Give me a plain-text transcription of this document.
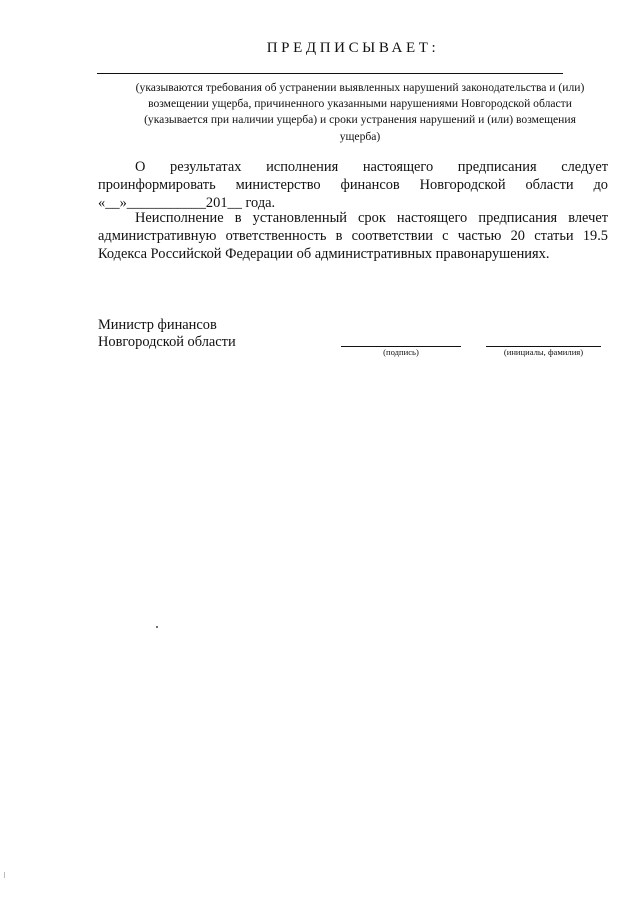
ПРЕДПИСЫВАЕТ:
(указываются требования об устранении выявленных нарушений законодательства и (или)
возмещении ущерба, причиненного указанными нарушениями Новгородской области
(указывается при наличии ущерба) и сроки устранения нарушений и (или) возмещения
ущерба)
О результатах исполнения настоящего предписания следует
проинформировать министерство финансов Новгородской области до
«__»___________201__ года.
Неисполнение в установленный срок настоящего предписания влечет
административную ответственность в соответствии с частью 20 статьи 19.5
Кодекса Российской Федерации об административных правонарушениях.
Министр финансов
Новгородской области
(подпись)	(инициалы, фамилия)
